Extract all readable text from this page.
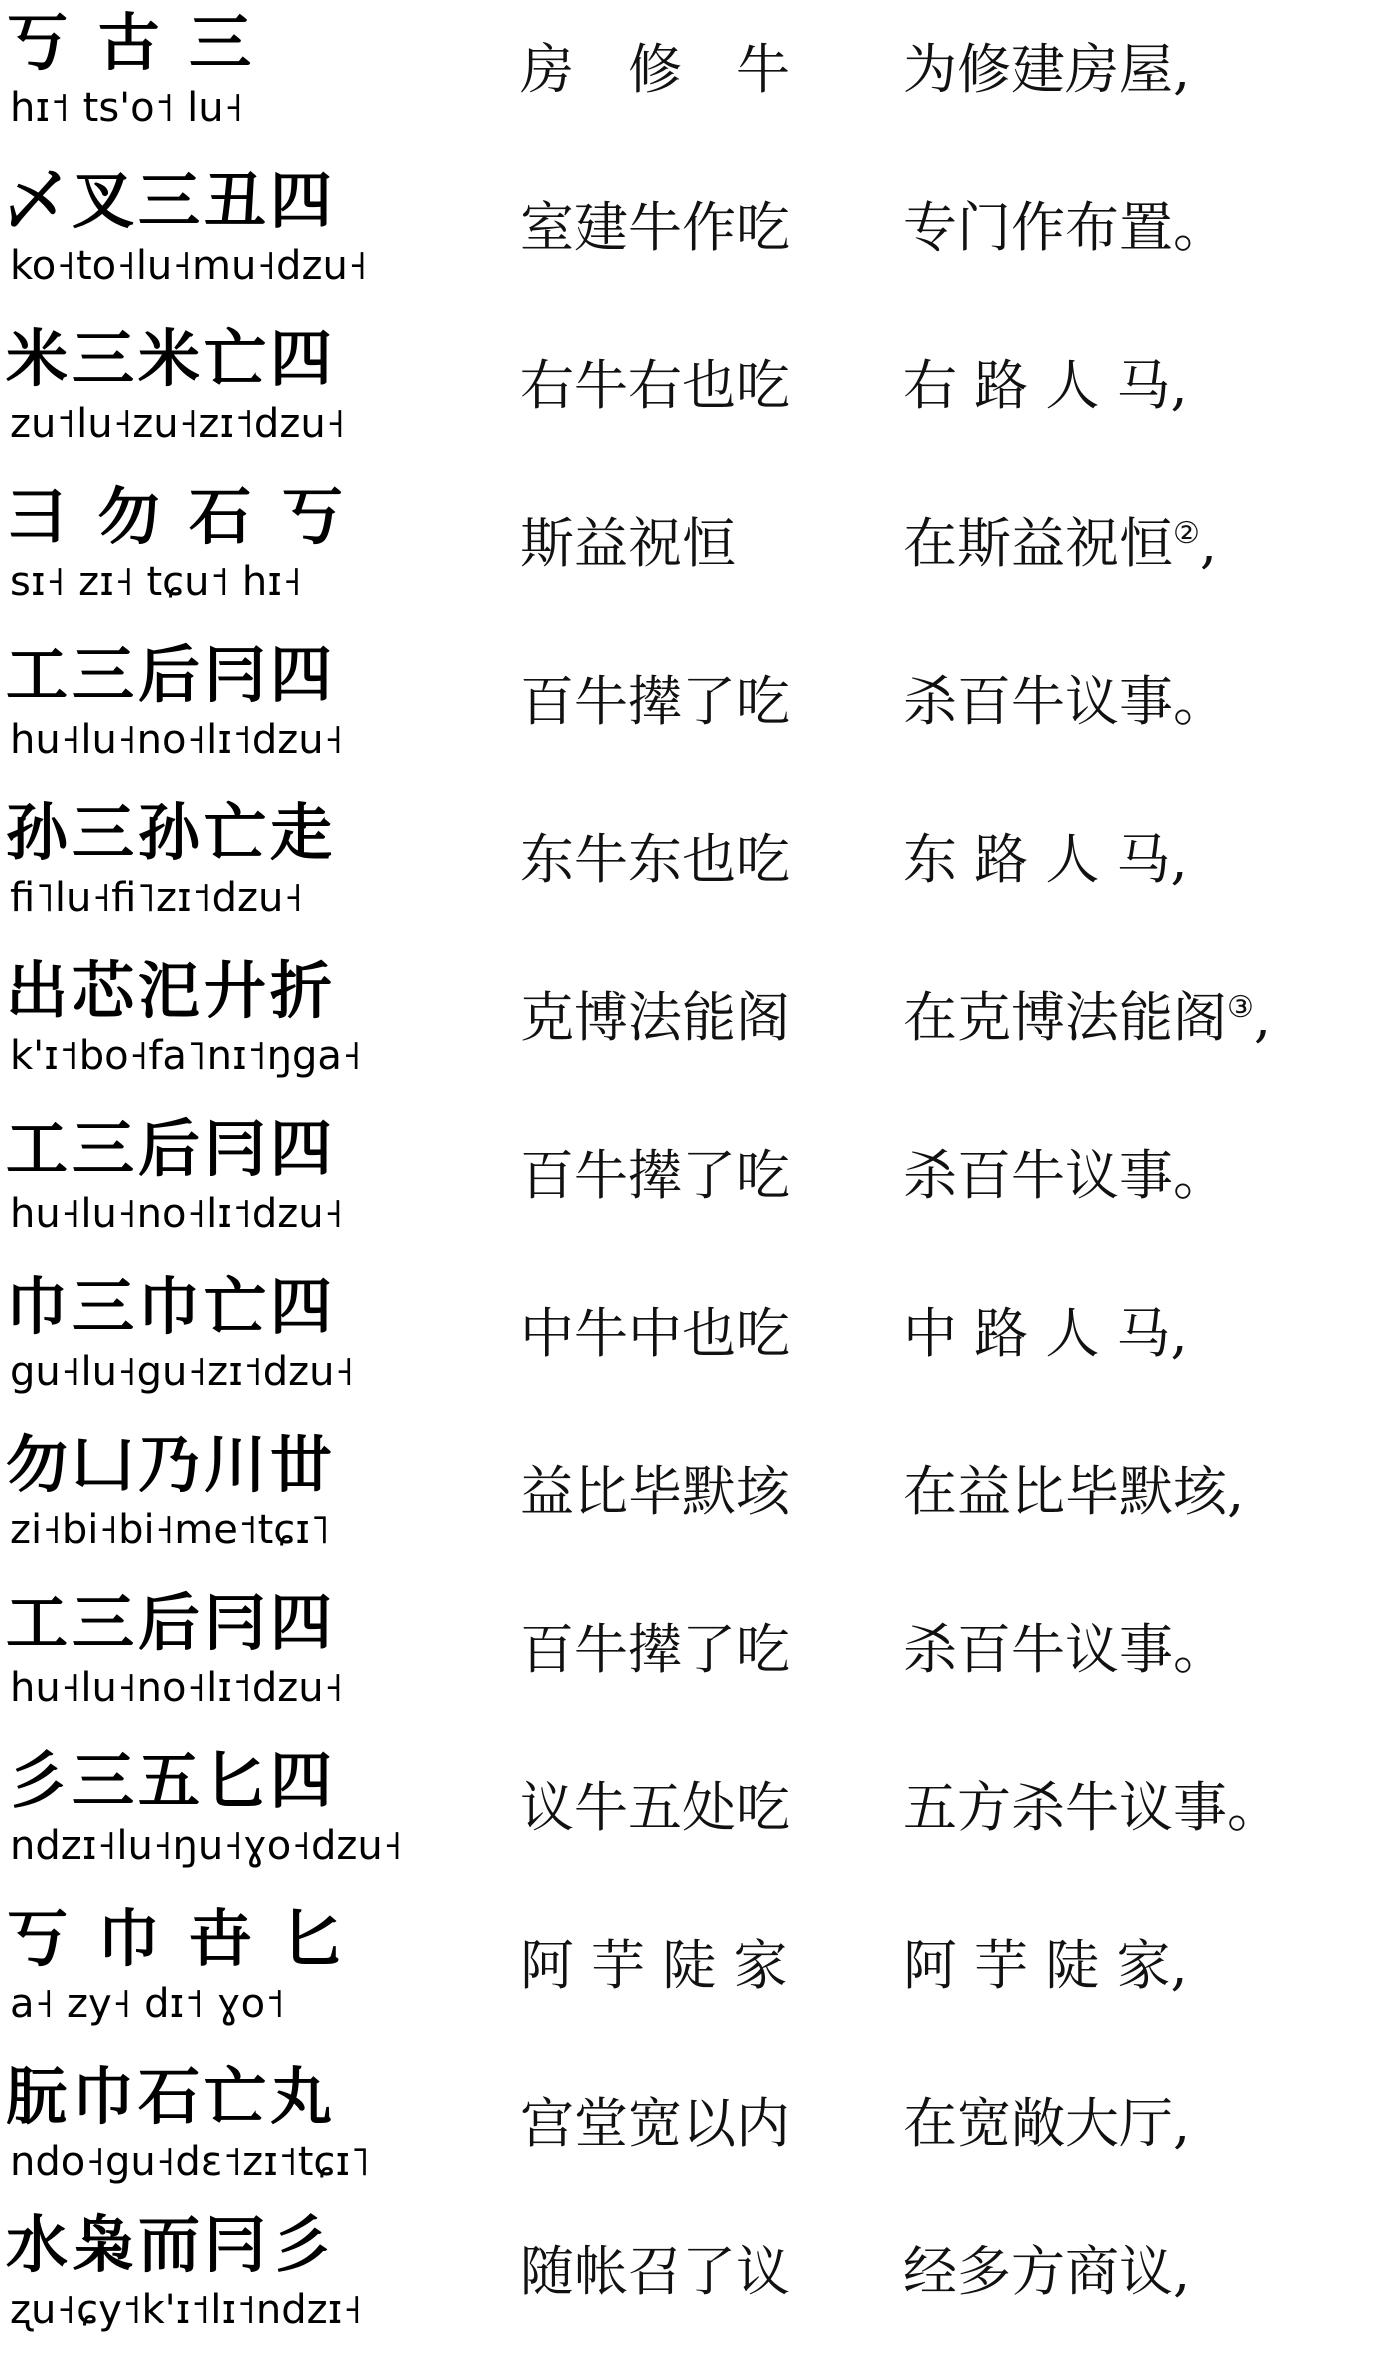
丂 古 三
hɪ˦ ts'o˦ lu˧
房　修　牛	为修建房屋,
乄叉三丑四
ko˧to˧lu˧mu˧dzu˧
室建牛作吃	专门作布置。
米三米亡四
zu˦lu˧zu˧zɪ˦dzu˧
右牛右也吃	右 路 人 马,
彐 勿 石 丂
sɪ˧ zɪ˧ tɕu˦ hɪ˧
斯益祝恒	在斯益祝恒②,
工三后冃四
hu˧lu˧no˧lɪ˦dzu˧
百牛撵了吃	杀百牛议事。
孙三孙亡走
fi˥lu˧fi˥zɪ˦dzu˧
东牛东也吃	东 路 人 马,
出芯汜廾折
k'ɪ˦bo˧fa˥nɪ˦ŋga˧
克博法能阁	在克博法能阁③,
工三后冃四
hu˧lu˧no˧lɪ˦dzu˧
百牛撵了吃	杀百牛议事。
巾三巾亡四
gu˧lu˧gu˧zɪ˦dzu˧
中牛中也吃	中 路 人 马,
勿凵乃川丗
zi˧bi˧bi˧me˦tɕɪ˥
益比毕默垓	在益比毕默垓,
工三后冃四
hu˧lu˧no˧lɪ˦dzu˧
百牛撵了吃	杀百牛议事。
彡三五匕四
ndzɪ˧lu˧ŋu˧ɣo˧dzu˧
议牛五处吃	五方杀牛议事。
丂 巾 卋 匕
a˧ zy˧ dɪ˦ ɣo˦
阿 芋 陡 家	阿 芋 陡 家,
朊巾石亡丸
ndo˧gu˧dɛ˦zɪ˦tɕɪ˥
宫堂宽以内	在宽敞大厅,
水枭而冃彡
ʐu˧ɕy˦k'ɪ˦lɪ˦ndzɪ˧
随帐召了议	经多方商议,
